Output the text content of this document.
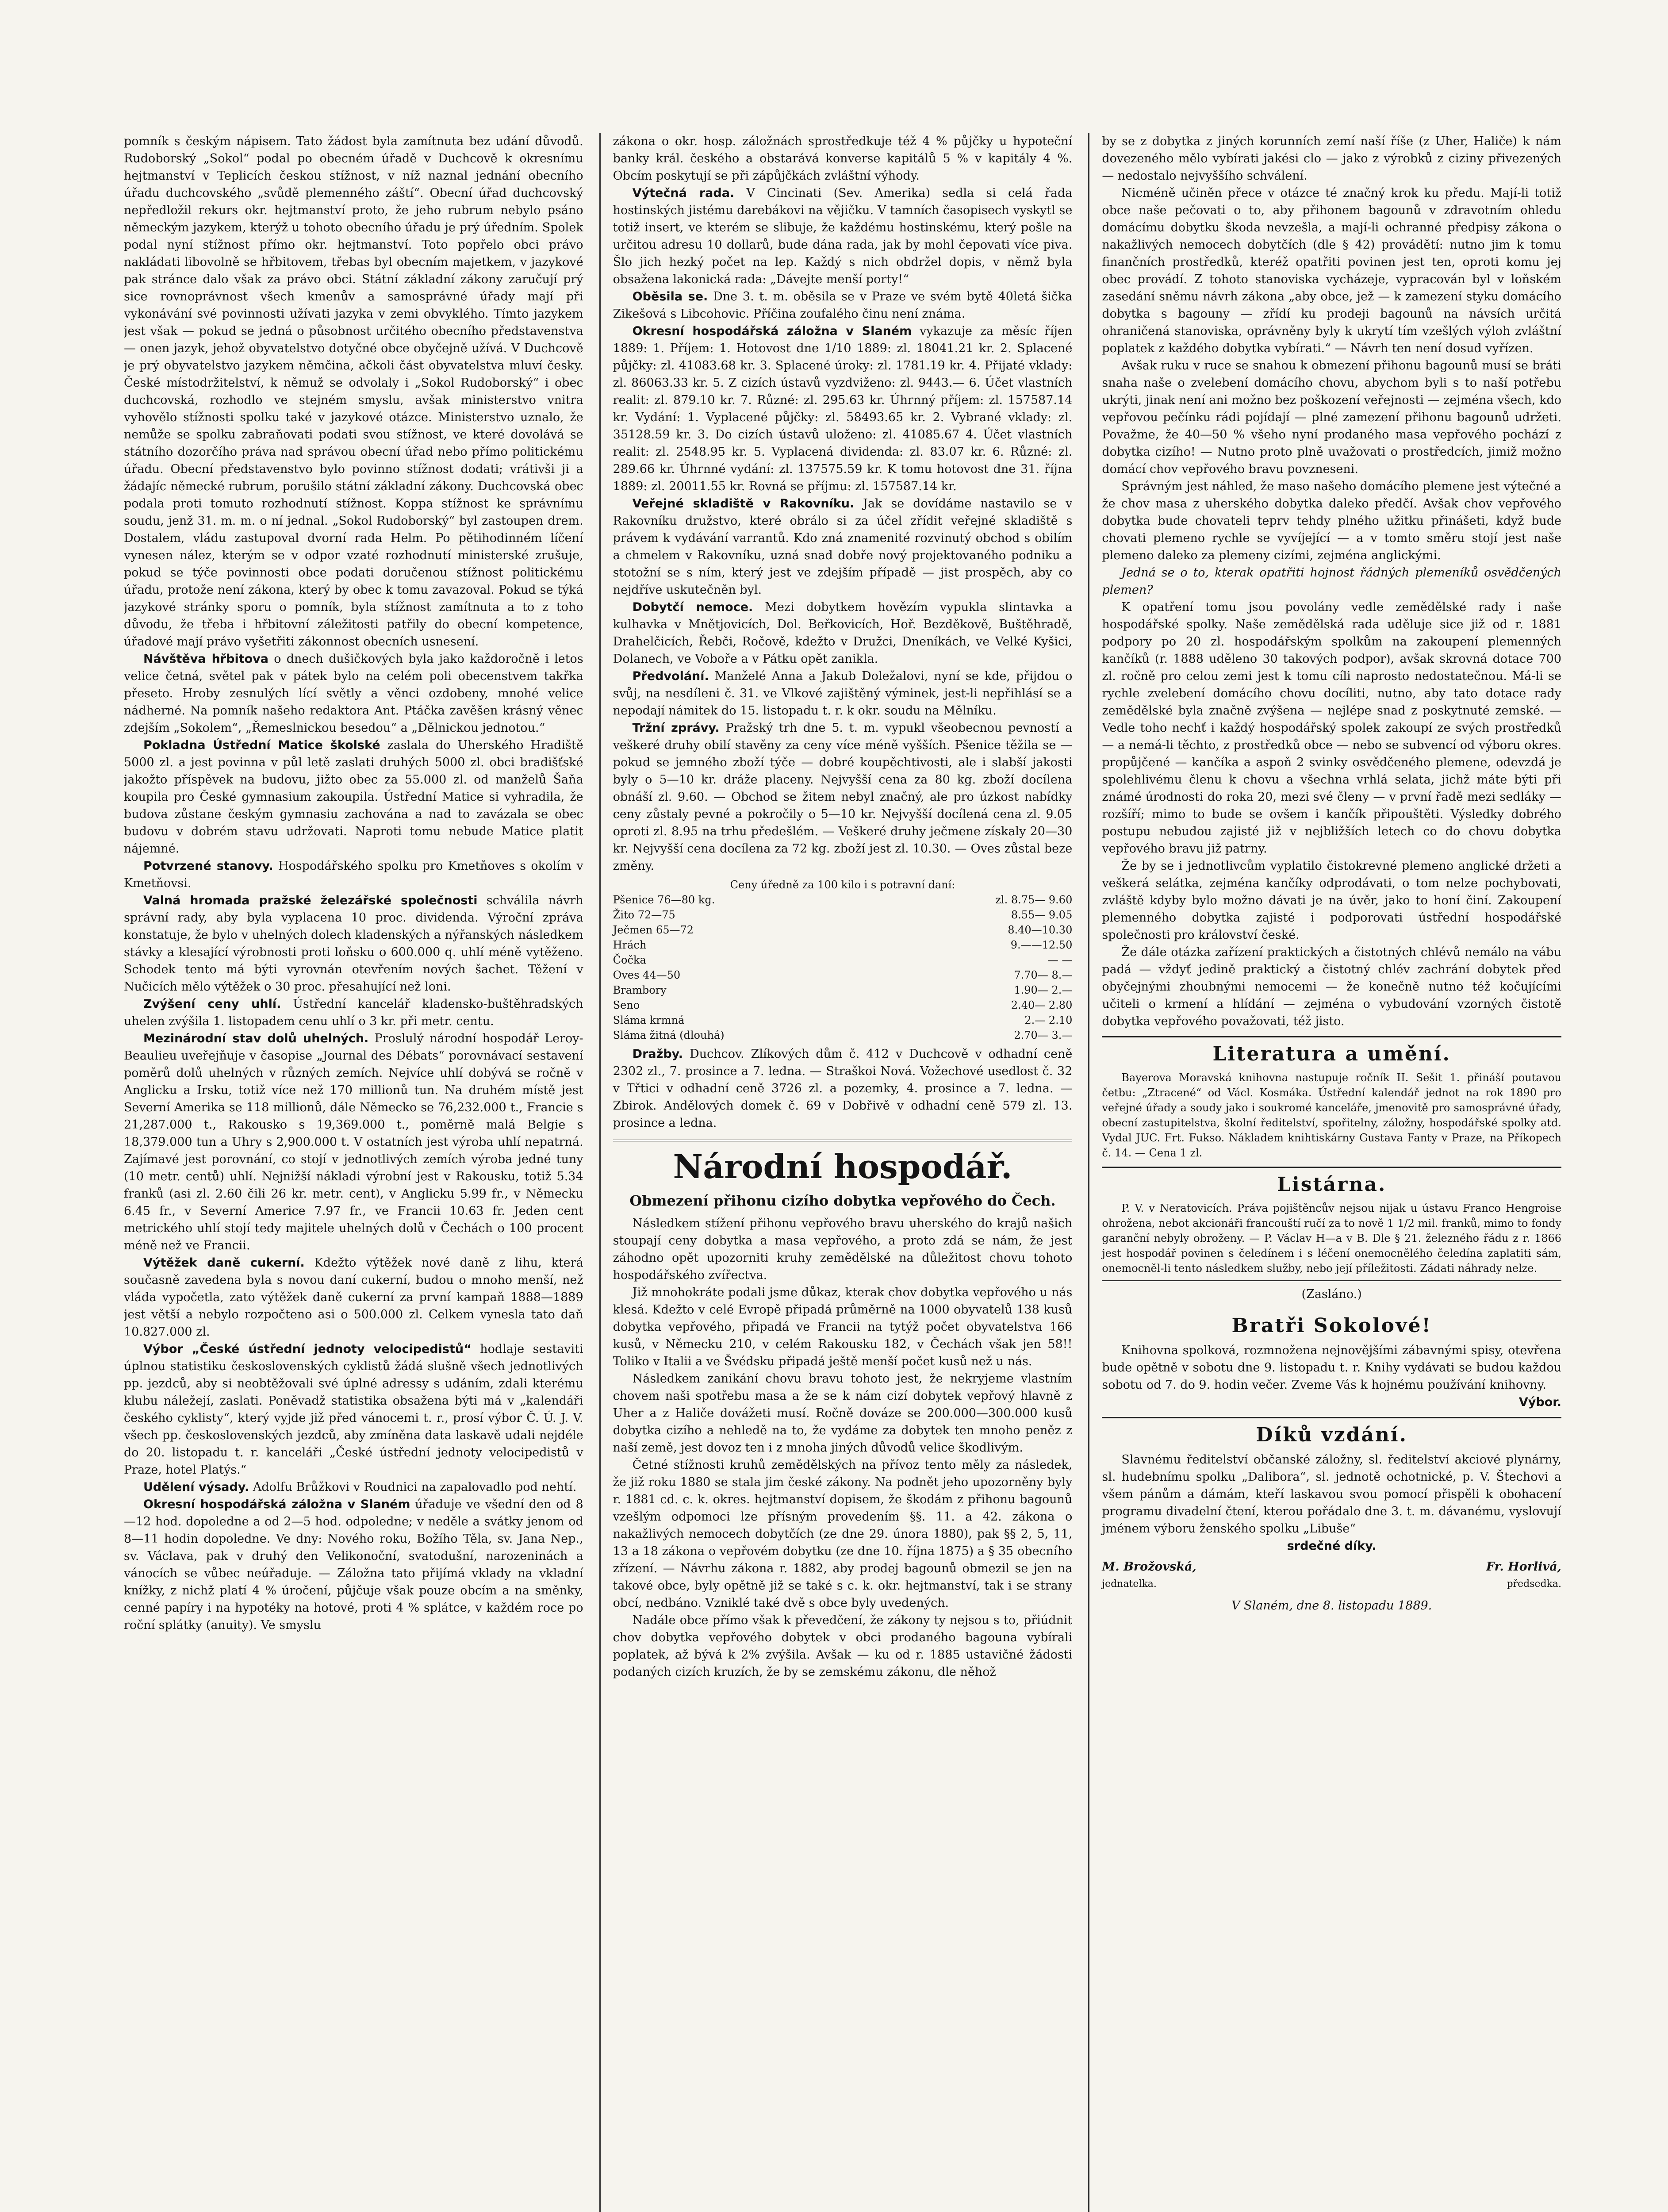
pomník s českým nápisem. Tato žádost byla zamítnuta bez udání důvodů. Rudoborský „Sokol“ podal po obecném úřadě v Duchcově k okresnímu hejtmanství v Teplicích českou stížnost, v níž naznal jednání obecního úřadu duchcovského „svůdě plemenného záští“. Obecní úřad duchcovský nepředložil rekurs okr. hejtmanství proto, že jeho rubrum nebylo psáno německým jazykem, kterýž u tohoto obecního úřadu je prý úředním. Spolek podal nyní stížnost přímo okr. hejtmanství. Toto popřelo obci právo nakládati libovolně se hřbitovem, třebas byl obecním majetkem, v jazykové pak stránce dalo však za právo obci. Státní základní zákony zaručují prý sice rovnoprávnost všech kmenův a samosprávné úřady mají při vykonávání své povinnosti užívati jazyka v zemi obvyklého. Tímto jazykem jest však — pokud se jedná o působnost určitého obecního představenstva — onen jazyk, jehož obyvatelstvo dotyčné obce obyčejně užívá. V Duchcově je prý obyvatelstvo jazykem němčina, ačkoli část obyvatelstva mluví česky. České místodržitelství, k němuž se odvolaly i „Sokol Rudoborský“ i obec duchcovská, rozhodlo ve stejném smyslu, avšak ministerstvo vnitra vyhovělo stížnosti spolku také v jazykové otázce. Ministerstvo uznalo, že nemůže se spolku zabraňovati podati svou stížnost, ve které dovolává se státního dozorčího práva nad správou obecní úřad nebo přímo politickému úřadu. Obecní představenstvo bylo povinno stížnost dodati; vrátivši ji a žádajíc německé rubrum, porušilo státní základní zákony. Duchcovská obec podala proti tomuto rozhodnutí stížnost. Koppa stížnost ke správnímu soudu, jenž 31. m. m. o ní jednal. „Sokol Rudoborský“ byl zastoupen drem. Dostalem, vládu zastupoval dvorní rada Helm. Po pětihodinném líčení vynesen nález, kterým se v odpor vzaté rozhodnutí ministerské zrušuje, pokud se týče povinnosti obce podati doručenou stížnost politickému úřadu, protože není zákona, který by obec k tomu zavazoval. Pokud se týká jazykové stránky sporu o pomník, byla stížnost zamítnuta a to z toho důvodu, že třeba i hřbitovní záležitosti patřily do obecní kompetence, úřadové mají právo vyšetřiti zákonnost obecních usnesení.

Návštěva hřbitova o dnech dušičkových byla jako každoročně i letos velice četná, světel pak v pátek bylo na celém poli obecenstvem takřka přeseto. Hroby zesnulých lící světly a věnci ozdobeny, mnohé velice nádherné. Na pomník našeho redaktora Ant. Ptáčka zavěšen krásný věnec zdejším „Sokolem“, „Řemeslnickou besedou“ a „Dělnickou jednotou.“

Pokladna Ústřední Matice školské zaslala do Uherského Hradiště 5000 zl. a jest povinna v půl letě zaslati druhých 5000 zl. obci bradišťské jakožto příspěvek na budovu, jižto obec za 55.000 zl. od manželů Šaňa koupila pro České gymnasium zakoupila. Ústřední Matice si vyhradila, že budova zůstane českým gymnasiu zachována a nad to zavázala se obec budovu v dobrém stavu udržovati. Naproti tomu nebude Matice platit nájemné.

Potvrzené stanovy. Hospodářského spolku pro Kmetňoves s okolím v Kmetňovsi.

Valná hromada pražské železářské společnosti schválila návrh správní rady, aby byla vyplacena 10 proc. dividenda. Výroční zpráva konstatuje, že bylo v uhelných dolech kladenských a nýřanských následkem stávky a klesající výrobnosti proti loňsku o 600.000 q. uhlí méně vytěženo. Schodek tento má býti vyrovnán otevřením nových šachet. Těžení v Nučicích mělo výtěžek o 30 proc. přesahující než loni.

Zvýšení ceny uhlí. Ústřední kancelář kladensko-buštěhradských uhelen zvýšila 1. listopadem cenu uhlí o 3 kr. při metr. centu.

Mezinárodní stav dolů uhelných. Proslulý národní hospodář Leroy-Beaulieu uveřejňuje v časopise „Journal des Débats“ porovnávací sestavení poměrů dolů uhelných v různých zemích. Nejvíce uhlí dobývá se ročně v Anglicku a Irsku, totiž více než 170 millionů tun. Na druhém místě jest Severní Amerika se 118 millionů, dále Německo se 76,232.000 t., Francie s 21,287.000 t., Rakousko s 19,369.000 t., poměrně malá Belgie s 18,379.000 tun a Uhry s 2,900.000 t. V ostatních jest výroba uhlí nepatrná. Zajímavé jest porovnání, co stojí v jednotlivých zemích výroba jedné tuny (10 metr. centů) uhlí. Nejnižší nákladi výrobní jest v Rakousku, totiž 5.34 franků (asi zl. 2.60 čili 26 kr. metr. cent), v Anglicku 5.99 fr., v Německu 6.45 fr., v Severní Americe 7.97 fr., ve Francii 10.63 fr. Jeden cent metrického uhlí stojí tedy majitele uhelných dolů v Čechách o 100 procent méně než ve Francii.

Výtěžek daně cukerní. Kdežto výtěžek nové daně z lihu, která současně zavedena byla s novou daní cukerní, budou o mnoho menší, než vláda vypočetla, zato výtěžek daně cukerní za první kampaň 1888—1889 jest větší a nebylo rozpočteno asi o 500.000 zl. Celkem vynesla tato daň 10.827.000 zl.

Výbor „České ústřední jednoty velocipedistů“ hodlaje sestaviti úplnou statistiku československých cyklistů žádá slušně všech jednotlivých pp. jezdců, aby si neobtěžovali své úplné adressy s udáním, zdali kterému klubu náležejí, zaslati. Poněvadž statistika obsažena býti má v „kalendáři českého cyklisty“, který vyjde již před vánocemi t. r., prosí výbor Č. Ú. J. V. všech pp. československých jezdců, aby zmíněna data laskavě udali nejdéle do 20. listopadu t. r. kanceláři „České ústřední jednoty velocipedistů v Praze, hotel Platýs.“

Udělení výsady. Adolfu Brůžkovi v Roudnici na zapalovadlo pod nehtí.

Okresní hospodářská záložna v Slaném úřaduje ve všední den od 8—12 hod. dopoledne a od 2—5 hod. odpoledne; v neděle a svátky jenom od 8—11 hodin dopoledne. Ve dny: Nového roku, Božího Těla, sv. Jana Nep., sv. Václava, pak v druhý den Velikonoční, svatodušní, narozeninách a vánocích se vůbec neúřaduje. — Záložna tato přijímá vklady na vkladní knížky, z nichž platí 4 % úročení, půjčuje však pouze obcím a na směnky, cenné papíry i na hypotéky na hotové, proti 4 % splátce, v každém roce po roční splátky (anuity). Ve smyslu

zákona o okr. hosp. záložnách sprostředkuje též 4 % půjčky u hypoteční banky král. českého a obstarává konverse kapitálů 5 % v kapitály 4 %. Obcím poskytují se při zápůjčkách zvláštní výhody.

Výtečná rada. V Cincinati (Sev. Amerika) sedla si celá řada hostinských jistému darebákovi na vějičku. V tamních časopisech vyskytl se totiž insert, ve kterém se slibuje, že každému hostinskému, který pošle na určitou adresu 10 dollarů, bude dána rada, jak by mohl čepovati více piva. Šlo jich hezký počet na lep. Každý s nich obdržel dopis, v němž byla obsažena lakonická rada: „Dávejte menší porty!“

Oběsila se. Dne 3. t. m. oběsila se v Praze ve svém bytě 40letá šička Zikešová s Libcohovic. Příčina zoufalého činu není známa.

Okresní hospodářská záložna v Slaném vykazuje za měsíc říjen 1889: 1. Příjem: 1. Hotovost dne 1/10 1889: zl. 18041.21 kr. 2. Splacené půjčky: zl. 41083.68 kr. 3. Splacené úroky: zl. 1781.19 kr. 4. Přijaté vklady: zl. 86063.33 kr. 5. Z cizích ústavů vyzdviženo: zl. 9443.— 6. Účet vlastních realit: zl. 879.10 kr. 7. Různé: zl. 295.63 kr. Úhrnný příjem: zl. 157587.14 kr. Vydání: 1. Vyplacené půjčky: zl. 58493.65 kr. 2. Vybrané vklady: zl. 35128.59 kr. 3. Do cizích ústavů uloženo: zl. 41085.67 4. Účet vlastních realit: zl. 2548.95 kr. 5. Vyplacená dividenda: zl. 83.07 kr. 6. Různé: zl. 289.66 kr. Úhrnné vydání: zl. 137575.59 kr. K tomu hotovost dne 31. října 1889: zl. 20011.55 kr. Rovná se příjmu: zl. 157587.14 kr.

Veřejné skladiště v Rakovníku. Jak se dovídáme nastavilo se v Rakovníku družstvo, které obrálo si za účel zřídit veřejné skladiště s právem k vydávání varrantů. Kdo zná znamenité rozvinutý obchod s obilím a chmelem v Rakovníku, uzná snad dobře nový projektovaného podniku a stotožní se s ním, který jest ve zdejším případě — jist prospěch, aby co nejdříve uskutečněn byl.

Dobytčí nemoce. Mezi dobytkem hovězím vypukla slintavka a kulhavka v Mnětjovicích, Dol. Beřkovicích, Hoř. Bezděkově, Buštěhradě, Drahelčicích, Řebči, Ročově, kdežto v Družci, Dneníkách, ve Velké Kyšici, Dolanech, ve Voboře a v Pátku opět zanikla.

Předvolání. Manželé Anna a Jakub Doležalovi, nyní se kde, přijdou o svůj, na nesdíleni č. 31. ve Vlkové zajištěný výminek, jest-li nepřihlásí se a nepodají námitek do 15. listopadu t. r. k okr. soudu na Mělníku.

Tržní zprávy. Pražský trh dne 5. t. m. vypukl všeobecnou pevností a veškeré druhy obilí stavěny za ceny více méně vyšších. Pšenice těžila se — pokud se jemného zboží týče — dobré koupěchtivosti, ale i slabší jakosti byly o 5—10 kr. dráže placeny. Nejvyšší cena za 80 kg. zboží docílena obnáší zl. 9.60. — Obchod se žitem nebyl značný, ale pro úzkost nabídky ceny zůstaly pevné a pokročily o 5—10 kr. Nejvyšší docílená cena zl. 9.05 oproti zl. 8.95 na trhu předešlém. — Veškeré druhy ječmene získaly 20—30 kr. Nejvyšší cena docílena za 72 kg. zboží jest zl. 10.30. — Oves zůstal beze změny.

Ceny úředně za 100 kilo i s potravní daní:
Pšenice 76—80 kg.	zl. 8.75— 9.60
Žito 72—75	8.55— 9.05
Ječmen 65—72	8.40—10.30
Hrách	9.——12.50
Čočka	— —
Oves 44—50	7.70— 8.—
Brambory	1.90— 2.—
Seno	2.40— 2.80
Sláma krmná	2.— 2.10
Sláma žitná (dlouhá)	2.70— 3.—

Dražby. Duchcov. Zlíkových dům č. 412 v Duchcově v odhadní ceně 2302 zl., 7. prosince a 7. ledna. — Straškoi Nová. Vožechové usedlost č. 32 v Třtici v odhadní ceně 3726 zl. a pozemky, 4. prosince a 7. ledna. — Zbirok. Andělových domek č. 69 v Dobřivě v odhadní ceně 579 zl. 13. prosince a ledna.

Národní hospodář.
Obmezení přihonu cizího dobytka vepřového do Čech.

Následkem stížení přihonu vepřového bravu uherského do krajů našich stoupají ceny dobytka a masa vepřového, a proto zdá se nám, že jest záhodno opět upozorniti kruhy zemědělské na důležitost chovu tohoto hospodářského zvířectva.

Již mnohokráte podali jsme důkaz, kterak chov dobytka vepřového u nás klesá. Kdežto v celé Evropě připadá průměrně na 1000 obyvatelů 138 kusů dobytka vepřového, připadá ve Francii na tytýž počet obyvatelstva 166 kusů, v Německu 210, v celém Rakousku 182, v Čechách však jen 58!! Toliko v Italii a ve Švédsku připadá ještě menší počet kusů než u nás.

Následkem zanikání chovu bravu tohoto jest, že nekryjeme vlastním chovem naši spotřebu masa a že se k nám cizí dobytek vepřový hlavně z Uher a z Haliče dovážeti musí. Ročně dováze se 200.000—300.000 kusů dobytka cizího a nehledě na to, že vydáme za dobytek ten mnoho peněz z naší země, jest dovoz ten i z mnoha jiných důvodů velice škodlivým.

Četné stížnosti kruhů zemědělských na přívoz tento měly za následek, že již roku 1880 se stala jim české zákony. Na podnět jeho upozorněny byly r. 1881 cd. c. k. okres. hejtmanství dopisem, že škodám z přihonu bagounů vzešlým odpomoci lze přísným provedením §§. 11. a 42. zákona o nakažlivých nemocech dobytčích (ze dne 29. února 1880), pak §§ 2, 5, 11, 13 a 18 zákona o vepřovém dobytku (ze dne 10. října 1875) a § 35 obecního zřízení. — Návrhu zákona r. 1882, aby prodej bagounů obmezil se jen na takové obce, byly opětně již se také s c. k. okr. hejtmanství, tak i se strany obcí, nedbáno. Vzniklé také dvě s obce byly uvedených.

Nadále obce přímo však k převedčení, že zákony ty nejsou s to, přiúdnit chov dobytka vepřového dobytek v obci prodaného bagouna vybírali poplatek, až bývá k 2% zvýšila. Avšak — ku od r. 1885 ustavičné žádosti podaných cizích kruzích, že by se zemskému zákonu, dle něhož

by se z dobytka z jiných korunních zemí naší říše (z Uher, Haliče) k nám dovezeného mělo vybírati jakési clo — jako z výrobků z ciziny přivezených — nedostalo nejvyššího schválení.

Nicméně učiněn přece v otázce té značný krok ku předu. Mají-li totiž obce naše pečovati o to, aby přihonem bagounů v zdravotním ohledu domácímu dobytku škoda nevzešla, a mají-li ochranné předpisy zákona o nakažlivých nemocech dobytčích (dle § 42) provádětí: nutno jim k tomu finančních prostředků, kteréž opatřiti povinen jest ten, oproti komu jej obec provádí. Z tohoto stanoviska vycházeje, vypracován byl v loňském zasedání sněmu návrh zákona „aby obce, jež — k zamezení styku domácího dobytka s bagouny — zřídí ku prodeji bagounů na návsích určitá ohraničená stanoviska, oprávněny byly k ukrytí tím vzešlých výloh zvláštní poplatek z každého dobytka vybírati.“ — Návrh ten není dosud vyřízen.

Avšak ruku v ruce se snahou k obmezení přihonu bagounů musí se bráti snaha naše o zvelebení domácího chovu, abychom byli s to naší potřebu ukrýti, jinak není ani možno bez poškození veřejnosti — zejména všech, kdo vepřovou pečínku rádi pojídají — plné zamezení přihonu bagounů udržeti. Považme, že 40—50 % všeho nyní prodaného masa vepřového pochází z dobytka cizího! — Nutno proto plně uvažovati o prostředcích, jimiž možno domácí chov vepřového bravu povzneseni.

Správným jest náhled, že maso našeho domácího plemene jest výtečné a že chov masa z uherského dobytka daleko předčí. Avšak chov vepřového dobytka bude chovateli teprv tehdy plného užitku přinášeti, když bude chovati plemeno rychle se vyvíjející — a v tomto směru stojí jest naše plemeno daleko za plemeny cizími, zejména anglickými.

Jedná se o to, kterak opatřiti hojnost řádných plemeníků osvědčených plemen?

K opatření tomu jsou povolány vedle zemědělské rady i naše hospodářské spolky. Naše zemědělská rada uděluje sice již od r. 1881 podpory po 20 zl. hospodářským spolkům na zakoupení plemenných kančíků (r. 1888 uděleno 30 takových podpor), avšak skrovná dotace 700 zl. ročně pro celou zemi jest k tomu cíli naprosto nedostatečnou. Má-li se rychle zvelebení domácího chovu docíliti, nutno, aby tato dotace rady zemědělské byla značně zvýšena — nejlépe snad z poskytnuté zemské. — Vedle toho nechť i každý hospodářský spolek zakoupí ze svých prostředků — a nemá-li těchto, z prostředků obce — nebo se subvencí od výboru okres. propůjčené — kančíka a aspoň 2 svinky osvědčeného plemene, odevzdá je spolehlivému členu k chovu a všechna vrhlá selata, jichž máte býti při známé úrodnosti do roka 20, mezi své členy — v první řadě mezi sedláky — rozšíří; mimo to bude se ovšem i kančík připouštěti. Výsledky dobrého postupu nebudou zajisté již v nejbližších letech co do chovu dobytka vepřového bravu již patrny.

Že by se i jednotlivcům vyplatilo čistokrevné plemeno anglické držeti a veškerá selátka, zejména kančíky odprodávati, o tom nelze pochybovati, zvláště kdyby bylo možno dávati je na úvěr, jako to honí činí. Zakoupení plemenného dobytka zajisté i podporovati ústřední hospodářské společnosti pro království české.

Že dále otázka zařízení praktických a čistotných chlévů nemálo na vábu padá — vždyť jedině praktický a čistotný chlév zachrání dobytek před obyčejnými zhoubnými nemocemi — že konečně nutno též kočujícími učiteli o krmení a hlídání — zejména o vybudování vzorných čistotě dobytka vepřového považovati, též jisto.

Literatura a umění.

Bayerova Moravská knihovna nastupuje ročník II. Sešit 1. přináší poutavou četbu: „Ztracené“ od Václ. Kosmáka. Ústřední kalendář jednot na rok 1890 pro veřejné úřady a soudy jako i soukromé kanceláře, jmenovitě pro samosprávné úřady, obecní zastupitelstva, školní ředitelství, spořitelny, záložny, hospodářské spolky atd. Vydal JUC. Frt. Fukso. Nákladem knihtiskárny Gustava Fanty v Praze, na Příkopech č. 14. — Cena 1 zl.

Listárna.

P. V. v Neratovicích. Práva pojištěncův nejsou nijak u ústavu Franco Hengroise ohrožena, nebot akcionáři francouští ručí za to nově 1 1/2 mil. franků, mimo to fondy garanční nebyly obroženy. — P. Václav H—a v B. Dle § 21. železného řádu z r. 1866 jest hospodář povinen s čeledínem i s léčení onemocnělého čeledína zaplatiti sám, onemocněl-li tento následkem služby, nebo její příležitosti. Zádati náhrady nelze.

(Zasláno.)
Bratři Sokolové!

Knihovna spolková, rozmnožena nejnovějšími zábavnými spisy, otevřena bude opětně v sobotu dne 9. listopadu t. r. Knihy vydávati se budou každou sobotu od 7. do 9. hodin večer. Zveme Vás k hojnému používání knihovny.

Výbor.
Díků vzdání.

Slavnému ředitelství občanské záložny, sl. ředitelství akciové plynárny, sl. hudebnímu spolku „Dalibora“, sl. jednotě ochotnické, p. V. Štechovi a všem pánům a dámám, kteří laskavou svou pomocí přispěli k obohacení programu divadelní čtení, kterou pořádalo dne 3. t. m. dávanému, vyslovují jménem výboru ženského spolku „Libuše“

srdečné díky.
M. Brožovská,
jednatelka.
Fr. Horlivá,
předsedka.
V Slaném, dne 8. listopadu 1889.
